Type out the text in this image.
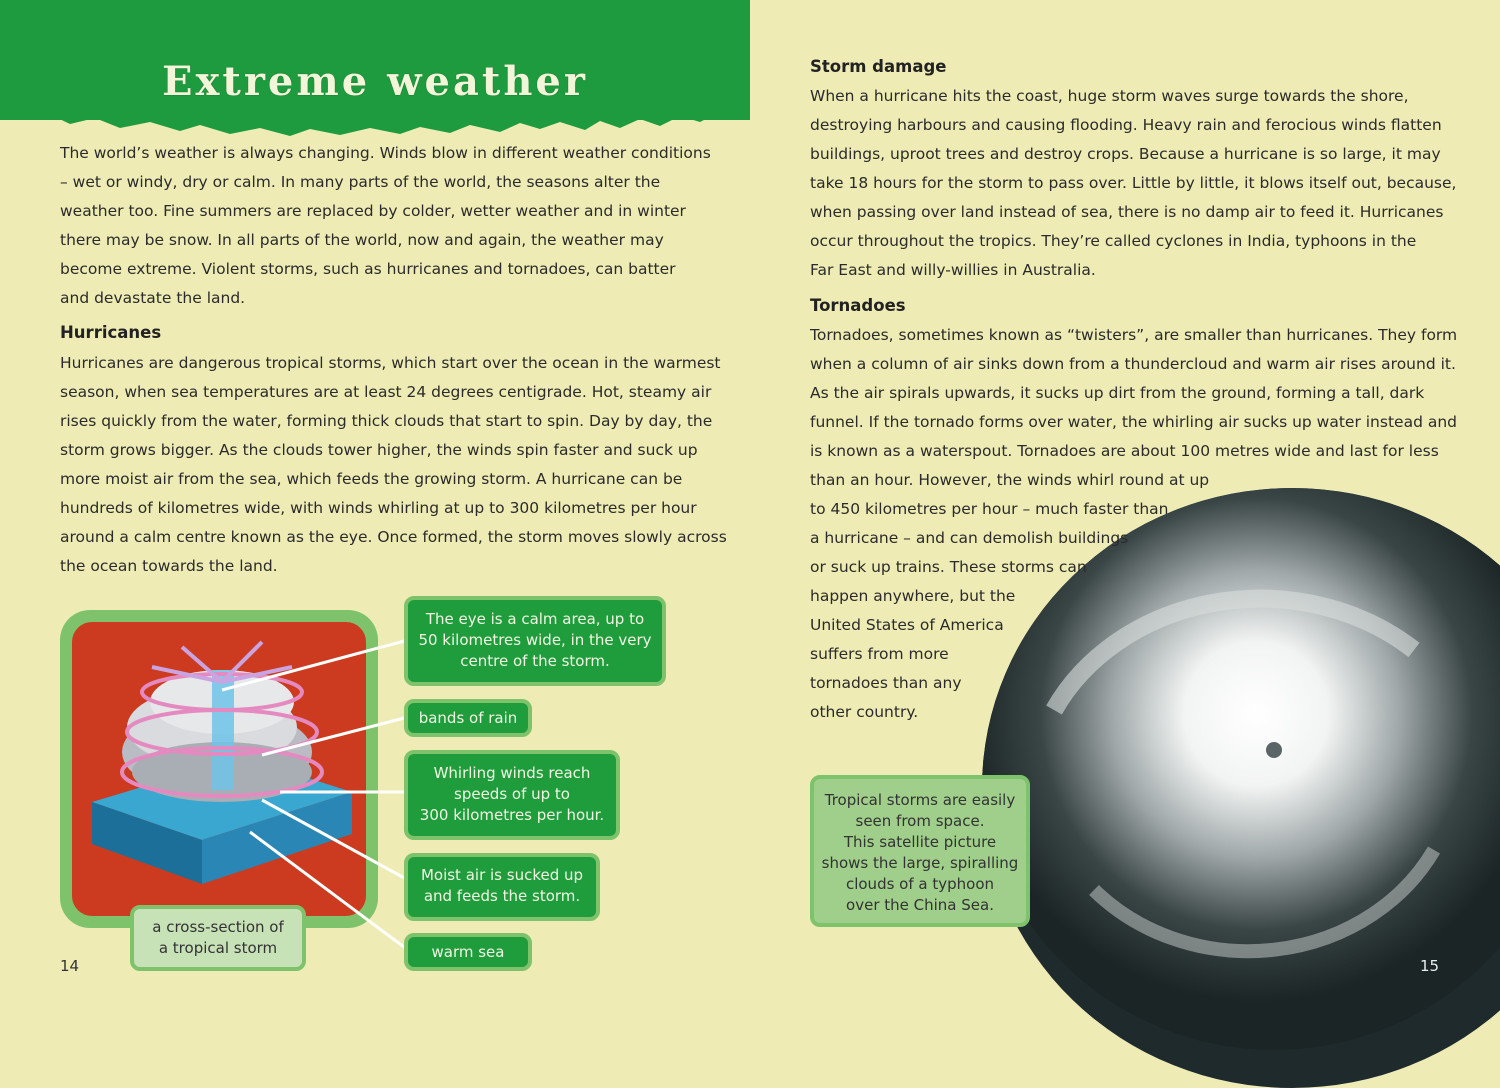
Extreme weather

The world’s weather is always changing. Winds blow in different weather conditions
– wet or windy, dry or calm. In many parts of the world, the seasons alter the
weather too. Fine summers are replaced by colder, wetter weather and in winter
there may be snow. In all parts of the world, now and again, the weather may
become extreme. Violent storms, such as hurricanes and tornadoes, can batter
and devastate the land.

Hurricanes

Hurricanes are dangerous tropical storms, which start over the ocean in the warmest
season, when sea temperatures are at least 24 degrees centigrade. Hot, steamy air
rises quickly from the water, forming thick clouds that start to spin. Day by day, the
storm grows bigger. As the clouds tower higher, the winds spin faster and suck up
more moist air from the sea, which feeds the growing storm. A hurricane can be
hundreds of kilometres wide, with winds whirling at up to 300 kilometres per hour
around a calm centre known as the eye. Once formed, the storm moves slowly across
the ocean towards the land.

The eye is a calm area, up to
50 kilometres wide, in the very
centre of the storm.
bands of rain
Whirling winds reach
speeds of up to
300 kilometres per hour.
Moist air is sucked up
and feeds the storm.
warm sea
a cross-section of
a tropical storm
14
Storm damage

When a hurricane hits the coast, huge storm waves surge towards the shore,
destroying harbours and causing flooding. Heavy rain and ferocious winds flatten
buildings, uproot trees and destroy crops. Because a hurricane is so large, it may
take 18 hours for the storm to pass over. Little by little, it blows itself out, because,
when passing over land instead of sea, there is no damp air to feed it. Hurricanes
occur throughout the tropics. They’re called cyclones in India, typhoons in the
Far East and willy-willies in Australia.

Tornadoes

Tornadoes, sometimes known as “twisters”, are smaller than hurricanes. They form
when a column of air sinks down from a thundercloud and warm air rises around it.
As the air spirals upwards, it sucks up dirt from the ground, forming a tall, dark
funnel. If the tornado forms over water, the whirling air sucks up water instead and
is known as a waterspout. Tornadoes are about 100 metres wide and last for less
than an hour. However, the winds whirl round at up
to 450 kilometres per hour – much faster than
a hurricane – and can demolish buildings
or suck up trains. These storms can
happen anywhere, but the
United States of America
suffers from more
tornadoes than any
other country.

Tropical storms are easily
seen from space.
This satellite picture
shows the large, spiralling
clouds of a typhoon
over the China Sea.
15
